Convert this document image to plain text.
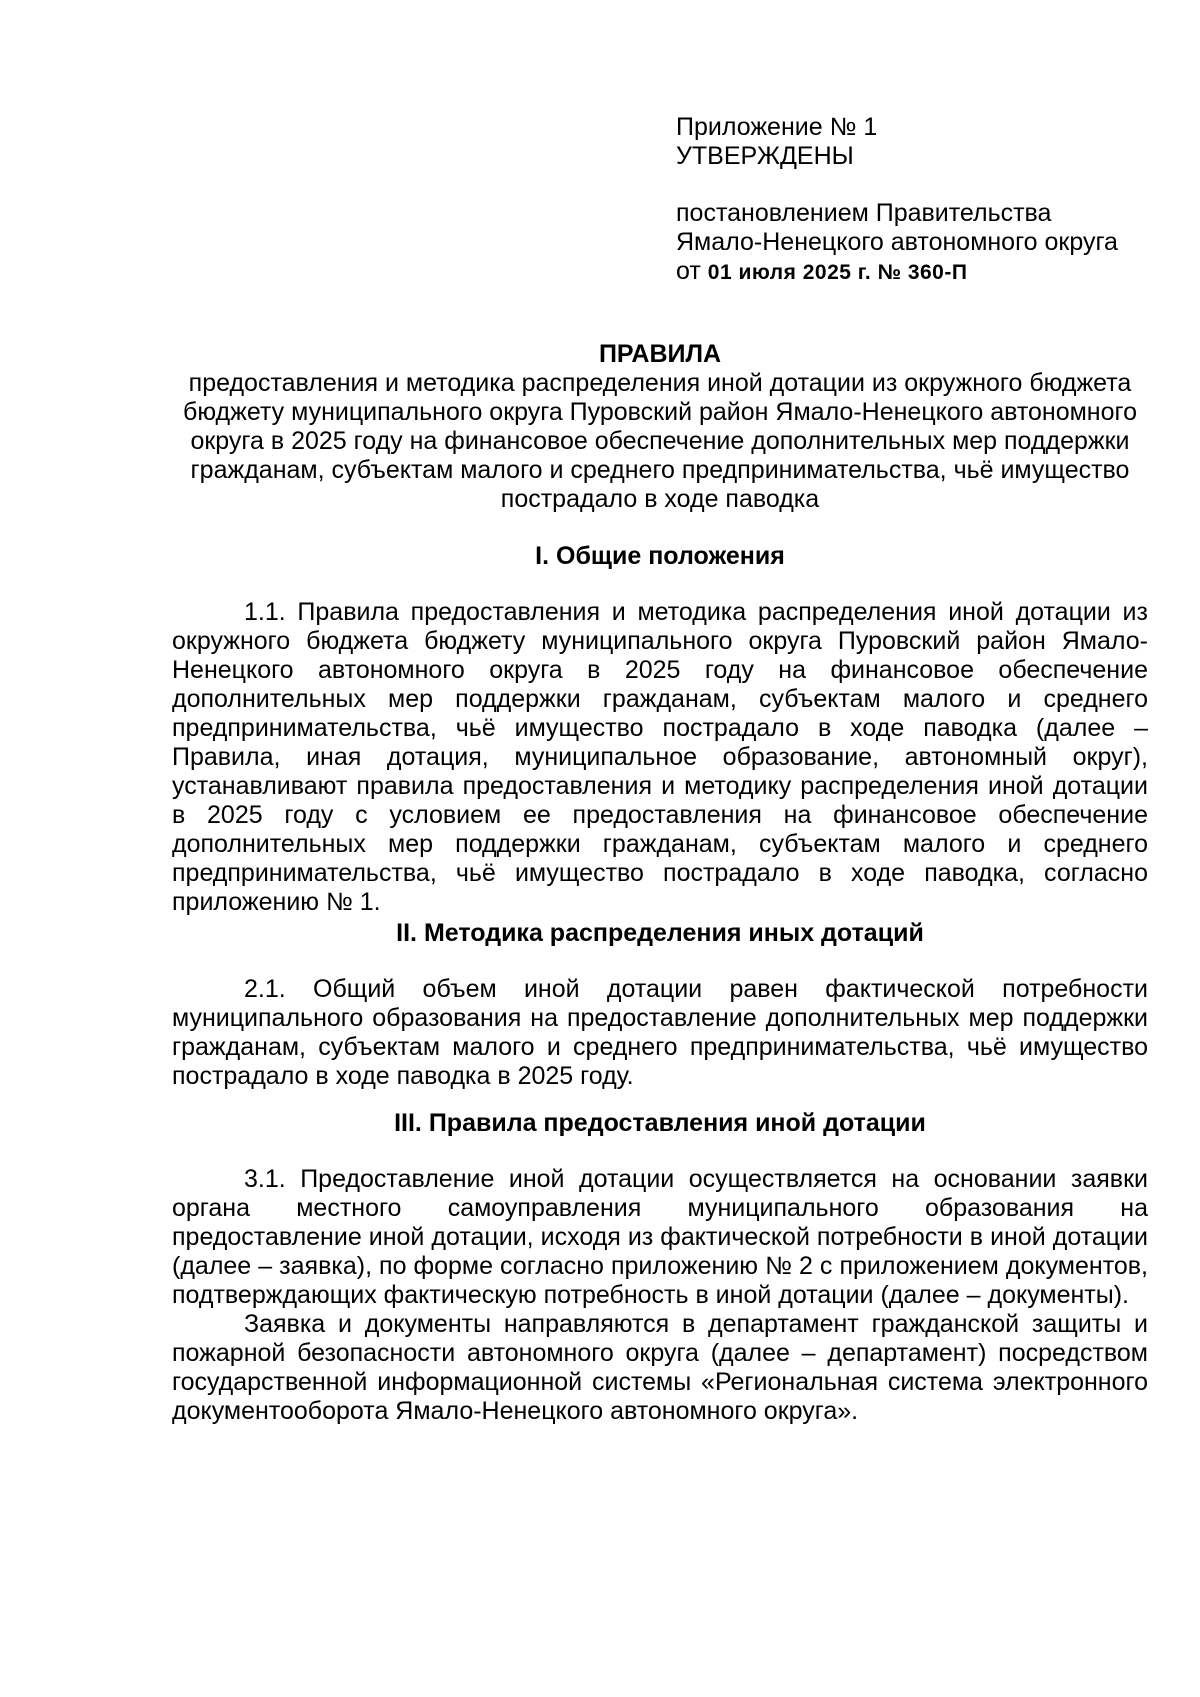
Приложение № 1
УТВЕРЖДЕНЫ
постановлением Правительства
Ямало-Ненецкого автономного округа
от 01 июля 2025 г. № 360-П
ПРАВИЛА
предоставления и методика распределения иной дотации из окружного бюджета бюджету муниципального округа Пуровский район Ямало-Ненецкого автономного округа в 2025 году на финансовое обеспечение дополнительных мер поддержки гражданам, субъектам малого и среднего предпринимательства, чьё имущество пострадало в ходе паводка
I. Общие положения

1.1. Правила предоставления и методика распределения иной дотации из окружного бюджета бюджету муниципального округа Пуровский район Ямало-Ненецкого автономного округа в 2025 году на финансовое обеспечение дополнительных мер поддержки гражданам, субъектам малого и среднего предпринимательства, чьё имущество пострадало в ходе паводка (далее – Правила, иная дотация, муниципальное образование, автономный округ), устанавливают правила предоставления и методику распределения иной дотации в 2025 году с условием ее предоставления на финансовое обеспечение дополнительных мер поддержки гражданам, субъектам малого и среднего предпринимательства, чьё имущество пострадало в ходе паводка, согласно приложению № 1.

II. Методика распределения иных дотаций

2.1. Общий объем иной дотации равен фактической потребности муниципального образования на предоставление дополнительных мер поддержки гражданам, субъектам малого и среднего предпринимательства, чьё имущество пострадало в ходе паводка в 2025 году.

III. Правила предоставления иной дотации

3.1. Предоставление иной дотации осуществляется на основании заявки органа местного самоуправления муниципального образования на предоставление иной дотации, исходя из фактической потребности в иной дотации (далее – заявка), по форме согласно приложению № 2 с приложением документов, подтверждающих фактическую потребность в иной дотации (далее – документы).

Заявка и документы направляются в департамент гражданской защиты и пожарной безопасности автономного округа (далее – департамент) посредством государственной информационной системы «Региональная система электронного документооборота Ямало-Ненецкого автономного округа».
